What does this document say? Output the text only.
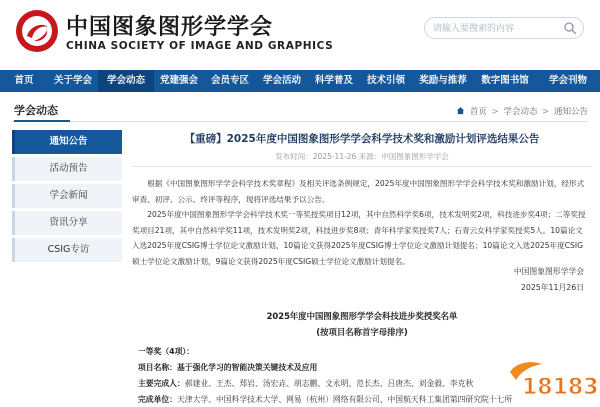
中国图象图形学学会
CHINA SOCIETY OF IMAGE AND GRAPHICS
请输入要搜索的内容
首页	关于学会	学会动态	党建强会	会员专区	学会活动	科学普及	技术引领	奖励与推荐	数字图书馆	学会刊物
学会动态	首页 > 学会动态 > 通知公告
通知公告
活动预告
学会新闻
资讯分享
CSIG专访
【重磅】2025年度中国图象图形学学会科学技术奖和激励计划评选结果公告
发布时间：2025-11-26 来源：中国图象图形学学会

根据《中国图象图形学学会科学技术奖章程》及相关评选条例规定，2025年度中国图象图形学学会科学技术奖和激励计划，经形式审查、初评、公示、终评等程序，现将评选结果予以公告。

2025年度中国图象图形学学会科学技术奖一等奖授奖项目12项，其中自然科学奖6项，技术发明奖2项，科技进步奖4项；二等奖授奖项目21项，其中自然科学奖11项，技术发明奖2项，科技进步奖8项；青年科学家奖授奖7人；石青云女科学家奖授奖5人。10篇论文入选2025年度CSIG博士学位论文激励计划，10篇论文获得2025年度CSIG博士学位论文激励计划提名；10篇论文入选2025年度CSIG硕士学位论文激励计划，9篇论文获得2025年度CSIG硕士学位论文激励计划提名。

中国图象图形学学会
2025年11月26日
2025年度中国图象图形学学会科技进步奖授奖名单
(按项目名称首字母排序)
一等奖（4项）：
项目名称：基于强化学习的智能决策关键技术及应用
主要完成人：郝建业、王杰、郑岩、汤宏垚、胡志鹏、文永明、范长杰、吕唐杰、刘金毅、李克秋
完成单位：天津大学、中国科学技术大学、网易（杭州）网络有限公司、中国航天科工集团第四研究院十七所 18183
